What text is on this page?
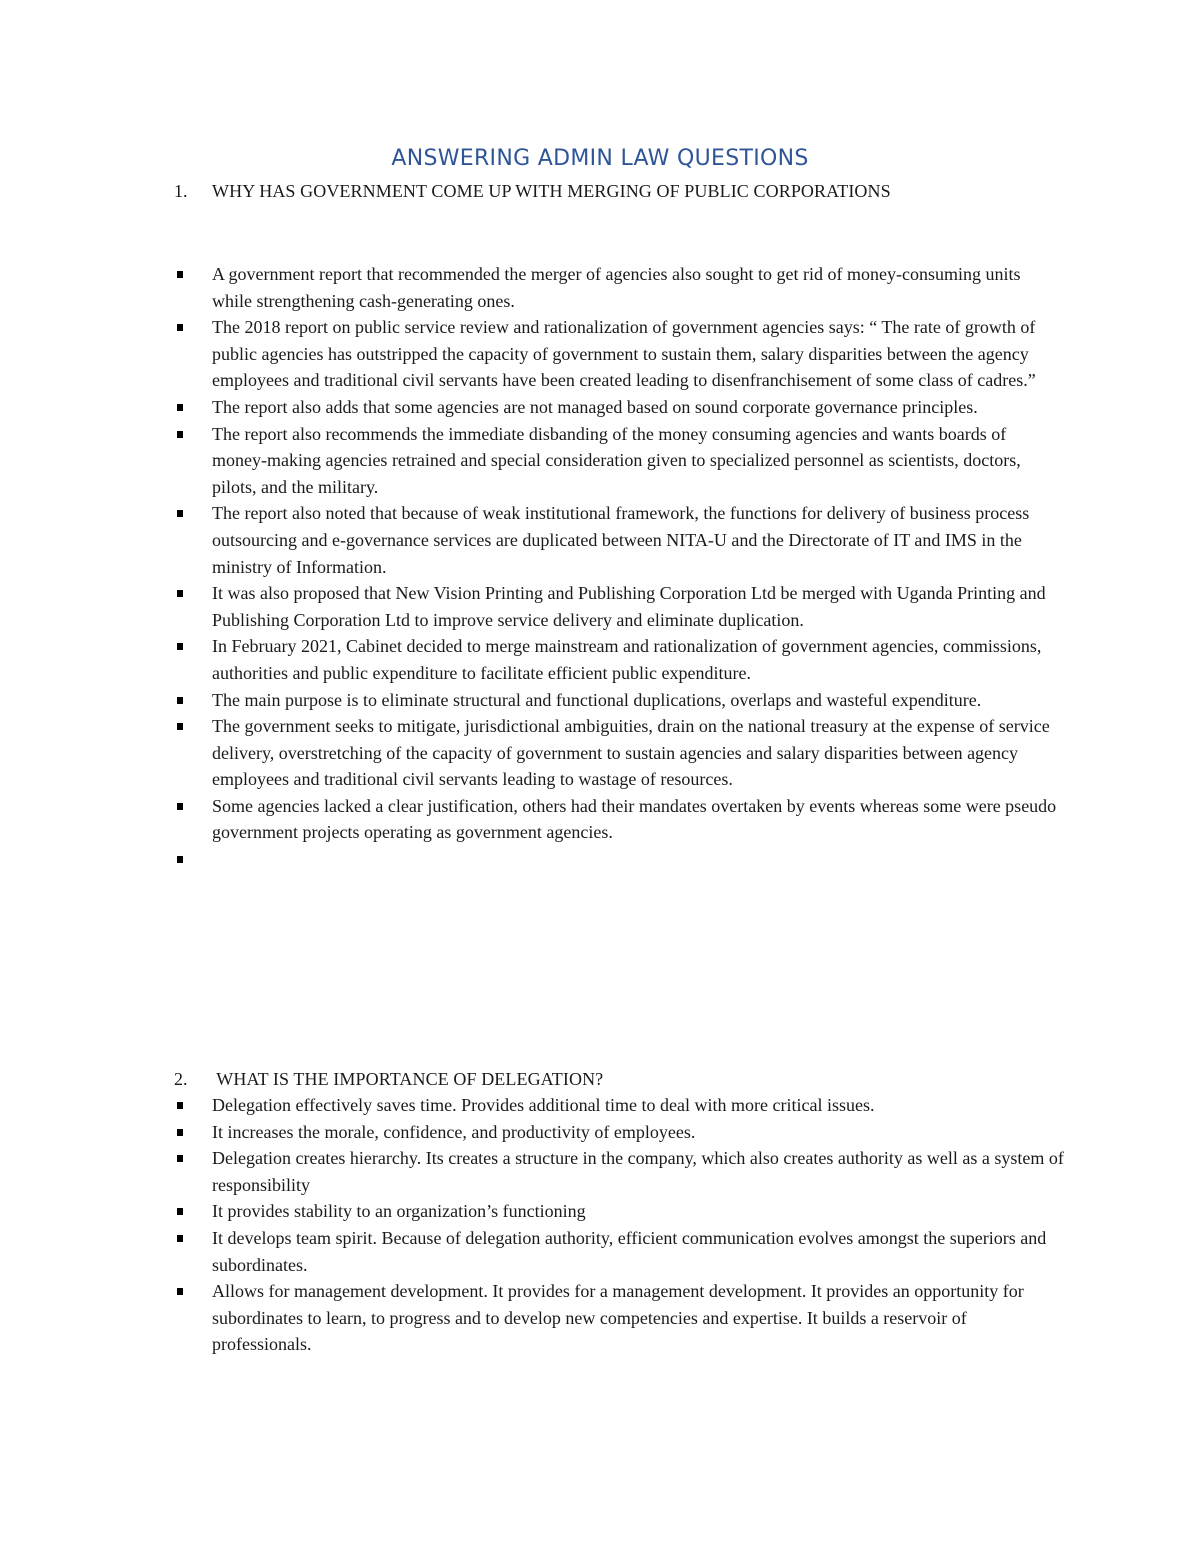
ANSWERING ADMIN LAW QUESTIONS
1. WHY HAS GOVERNMENT COME UP WITH MERGING OF PUBLIC CORPORATIONS
A government report that recommended the merger of agencies also sought to get rid of money-consuming units while strengthening cash-generating ones.
The 2018 report on public service review and rationalization of government agencies says: “ The rate of growth of public agencies has outstripped the capacity of government to sustain them, salary disparities between the agency employees and traditional civil servants have been created leading to disenfranchisement of some class of cadres.”
The report also adds that some agencies are not managed based on sound corporate governance principles.
The report also recommends the immediate disbanding of the money consuming agencies and wants boards of money-making agencies retrained and special consideration given to specialized personnel as scientists, doctors, pilots, and the military.
The report also noted that because of weak institutional framework, the functions for delivery of business process outsourcing and e-governance services are duplicated between NITA-U and the Directorate of IT and IMS in the ministry of Information.
It was also proposed that New Vision Printing and Publishing Corporation Ltd be merged with Uganda Printing and Publishing Corporation Ltd to improve service delivery and eliminate duplication.
In February 2021, Cabinet decided to merge mainstream and rationalization of government agencies, commissions, authorities and public expenditure to facilitate efficient public expenditure.
The main purpose is to eliminate structural and functional duplications, overlaps and wasteful expenditure.
The government seeks to mitigate, jurisdictional ambiguities, drain on the national treasury at the expense of service delivery, overstretching of the capacity of government to sustain agencies and salary disparities between agency employees and traditional civil servants leading to wastage of resources.
Some agencies lacked a clear justification, others had their mandates overtaken by events whereas some were pseudo government projects operating as government agencies.
2. WHAT IS THE IMPORTANCE OF DELEGATION?
Delegation effectively saves time. Provides additional time to deal with more critical issues.
It increases the morale, confidence, and productivity of employees.
Delegation creates hierarchy. Its creates a structure in the company, which also creates authority as well as a system of responsibility
It provides stability to an organization’s functioning
It develops team spirit. Because of delegation authority, efficient communication evolves amongst the superiors and subordinates.
Allows for management development. It provides for a management development. It provides an opportunity for subordinates to learn, to progress and to develop new competencies and expertise. It builds a reservoir of professionals.
